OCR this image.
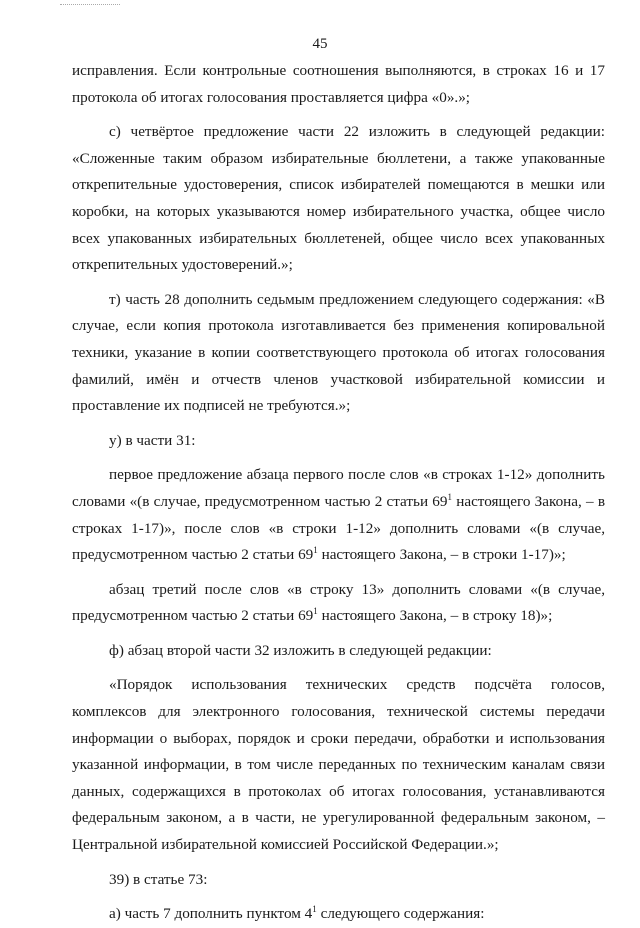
45
исправления. Если контрольные соотношения выполняются, в строках 16 и 17
протокола об итогах голосования проставляется цифра «0».»;
с) четвёртое предложение части 22 изложить в следующей редакции:
«Сложенные таким образом избирательные бюллетени, а также упакованные
открепительные удостоверения, список избирателей помещаются в мешки или
коробки, на которых указываются номер избирательного участка, общее число
всех упакованных избирательных бюллетеней, общее число всех упакованных
открепительных удостоверений.»;
т) часть 28 дополнить седьмым предложением следующего содержания: «В
случае, если копия протокола изготавливается без применения копировальной
техники, указание в копии соответствующего протокола об итогах голосования
фамилий, имён и отчеств членов участковой избирательной комиссии и
проставление их подписей не требуются.»;
у) в части 31:
первое предложение абзаца первого после слов «в строках 1-12» дополнить
словами «(в случае, предусмотренном частью 2 статьи $69^1$ настоящего Закона, – в
строках 1-17)», после слов «в строки 1-12» дополнить словами «(в случае,
предусмотренном частью 2 статьи $69^1$ настоящего Закона, – в строки 1-17)»;
абзац третий после слов «в строку 13» дополнить словами «(в случае,
предусмотренном частью 2 статьи $69^1$ настоящего Закона, – в строку 18)»;
ф) абзац второй части 32 изложить в следующей редакции:
«Порядок использования технических средств подсчёта голосов,
комплексов для электронного голосования, технической системы передачи
информации о выборах, порядок и сроки передачи, обработки и использования
указанной информации, в том числе переданных по техническим каналам связи
данных, содержащихся в протоколах об итогах голосования, устанавливаются
федеральным законом, а в части, не урегулированной федеральным законом, –
Центральной избирательной комиссией Российской Федерации.»;
39) в статье 73:
а) часть 7 дополнить пунктом $4^1$ следующего содержания:
